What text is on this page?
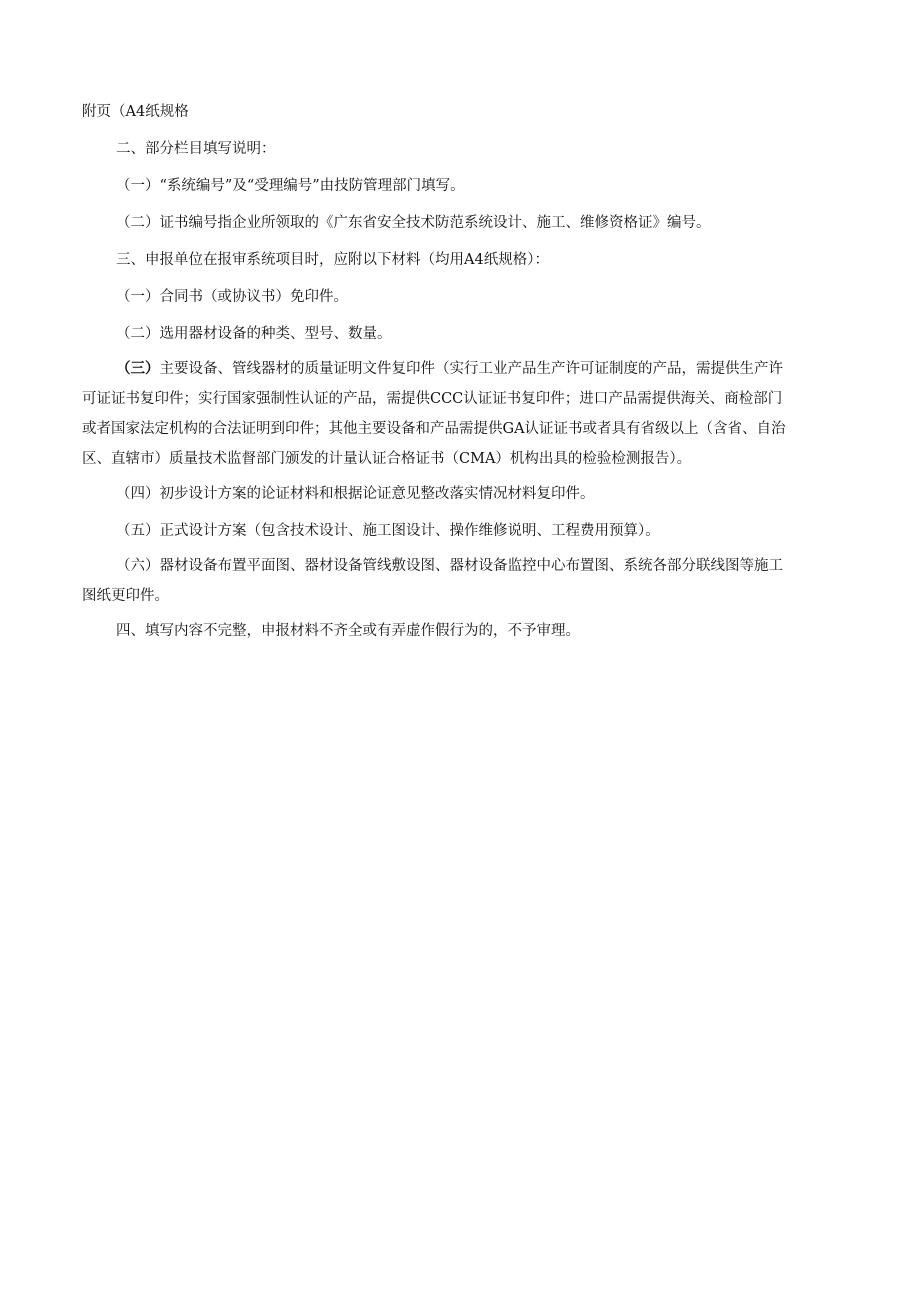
附页（A4纸规格

二、部分栏目填写说明：

（一）“系统编号”及“受理编号”由技防管理部门填写。

（二）证书编号指企业所领取的《广东省安全技术防范系统设计、施工、维修资格证》编号。

三、申报单位在报审系统项目时，应附以下材料（均用A4纸规格）：

（一）合同书（或协议书）免印件。

（二）选用器材设备的种类、型号、数量。

（三）主要设备、管线器材的质量证明文件复印件（实行工业产品生产许可证制度的产品，需提供生产许

可证证书复印件；实行国家强制性认证的产品，需提供CCC认证证书复印件；进口产品需提供海关、商检部门

或者国家法定机构的合法证明到印件；其他主要设备和产品需提供GA认证证书或者具有省级以上（含省、自治

区、直辖市）质量技术监督部门颁发的计量认证合格证书（CMA）机构出具的检验检测报告）。

（四）初步设计方案的论证材料和根据论证意见整改落实情况材料复印件。

（五）正式设计方案（包含技术设计、施工图设计、操作维修说明、工程费用预算）。

（六）器材设备布置平面图、器材设备管线敷设图、器材设备监控中心布置图、系统各部分联线图等施工

图纸更印件。

四、填写内容不完整，申报材料不齐全或有弄虚作假行为的，不予审理。
